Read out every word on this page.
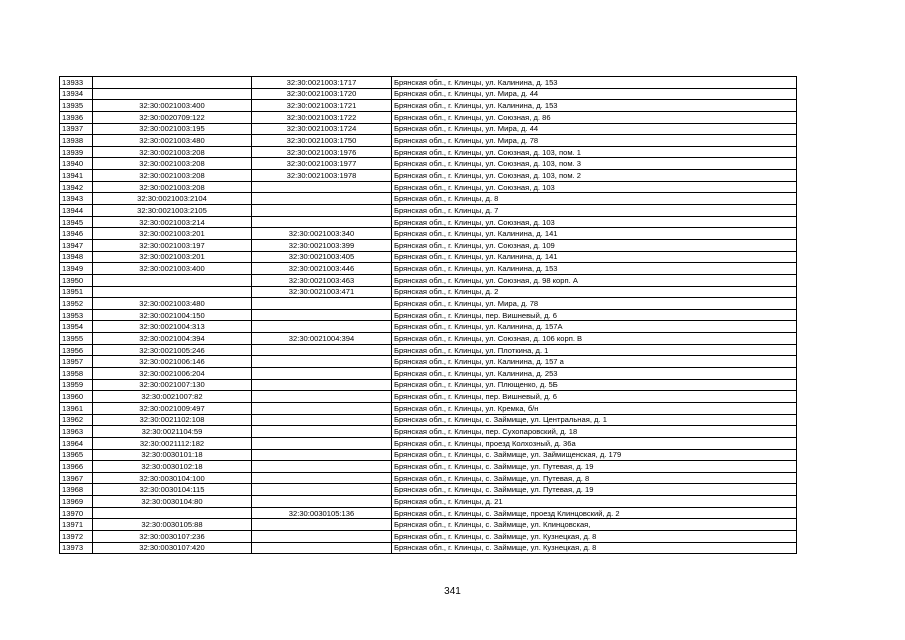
13933		32:30:0021003:1717	Брянская обл., г. Клинцы, ул. Калинина, д. 153
13934		32:30:0021003:1720	Брянская обл., г. Клинцы, ул. Мира, д. 44
13935	32:30:0021003:400	32:30:0021003:1721	Брянская обл., г. Клинцы, ул. Калинина, д. 153
13936	32:30:0020709:122	32:30:0021003:1722	Брянская обл., г. Клинцы, ул. Союзная, д. 86
13937	32:30:0021003:195	32:30:0021003:1724	Брянская обл., г. Клинцы, ул. Мира, д. 44
13938	32:30:0021003:480	32:30:0021003:1750	Брянская обл., г. Клинцы, ул. Мира, д. 78
13939	32:30:0021003:208	32:30:0021003:1976	Брянская обл., г. Клинцы, ул. Союзная, д. 103, пом. 1
13940	32:30:0021003:208	32:30:0021003:1977	Брянская обл., г. Клинцы, ул. Союзная, д. 103, пом. 3
13941	32:30:0021003:208	32:30:0021003:1978	Брянская обл., г. Клинцы, ул. Союзная, д. 103, пом. 2
13942	32:30:0021003:208		Брянская обл., г. Клинцы, ул. Союзная, д. 103
13943	32:30:0021003:2104		Брянская обл., г. Клинцы, д. 8
13944	32:30:0021003:2105		Брянская обл., г. Клинцы, д. 7
13945	32:30:0021003:214		Брянская обл., г. Клинцы, ул. Союзная, д. 103
13946	32:30:0021003:201	32:30:0021003:340	Брянская обл., г. Клинцы, ул. Калинина, д. 141
13947	32:30:0021003:197	32:30:0021003:399	Брянская обл., г. Клинцы, ул. Союзная, д. 109
13948	32:30:0021003:201	32:30:0021003:405	Брянская обл., г. Клинцы, ул. Калинина, д. 141
13949	32:30:0021003:400	32:30:0021003:446	Брянская обл., г. Клинцы, ул. Калинина, д. 153
13950		32:30:0021003:463	Брянская обл., г. Клинцы, ул. Союзная, д. 98 корп. А
13951		32:30:0021003:471	Брянская обл., г. Клинцы, д. 2
13952	32:30:0021003:480		Брянская обл., г. Клинцы, ул. Мира, д. 78
13953	32:30:0021004:150		Брянская обл., г. Клинцы, пер. Вишневый, д. 6
13954	32:30:0021004:313		Брянская обл., г. Клинцы, ул. Калинина, д. 157А
13955	32:30:0021004:394	32:30:0021004:394	Брянская обл., г. Клинцы, ул. Союзная, д. 106 корп. В
13956	32:30:0021005:246		Брянская обл., г. Клинцы, ул. Плоткина, д. 1
13957	32:30:0021006:146		Брянская обл., г. Клинцы, ул. Калинина, д. 157 а
13958	32:30:0021006:204		Брянская обл., г. Клинцы, ул. Калинина, д. 253
13959	32:30:0021007:130		Брянская обл., г. Клинцы, ул. Плющенко, д. 5Б
13960	32:30:0021007:82		Брянская обл., г. Клинцы, пер. Вишневый, д. 6
13961	32:30:0021009:497		Брянская обл., г. Клинцы, ул. Кремка, б/н
13962	32:30:0021102:108		Брянская обл., г. Клинцы, с. Займище, ул. Центральная, д. 1
13963	32:30:0021104:59		Брянская обл., г. Клинцы, пер. Сухопаровский, д. 18
13964	32:30:0021112:182		Брянская обл., г. Клинцы, проезд Колхозный, д. 36а
13965	32:30:0030101:18		Брянская обл., г. Клинцы, с. Займище, ул. Займищенская, д. 179
13966	32:30:0030102:18		Брянская обл., г. Клинцы, с. Займище, ул. Путевая, д. 19
13967	32:30:0030104:100		Брянская обл., г. Клинцы, с. Займище, ул. Путевая, д. 8
13968	32:30:0030104:115		Брянская обл., г. Клинцы, с. Займище, ул. Путевая, д. 19
13969	32:30:0030104:80		Брянская обл., г. Клинцы, д. 21
13970		32:30:0030105:136	Брянская обл., г. Клинцы, с. Займище, проезд Клинцовский, д. 2
13971	32:30:0030105:88		Брянская обл., г. Клинцы, с. Займище, ул. Клинцовская,
13972	32:30:0030107:236		Брянская обл., г. Клинцы, с. Займище, ул. Кузнецкая, д. 8
13973	32:30:0030107:420		Брянская обл., г. Клинцы, с. Займище, ул. Кузнецкая, д. 8
341
